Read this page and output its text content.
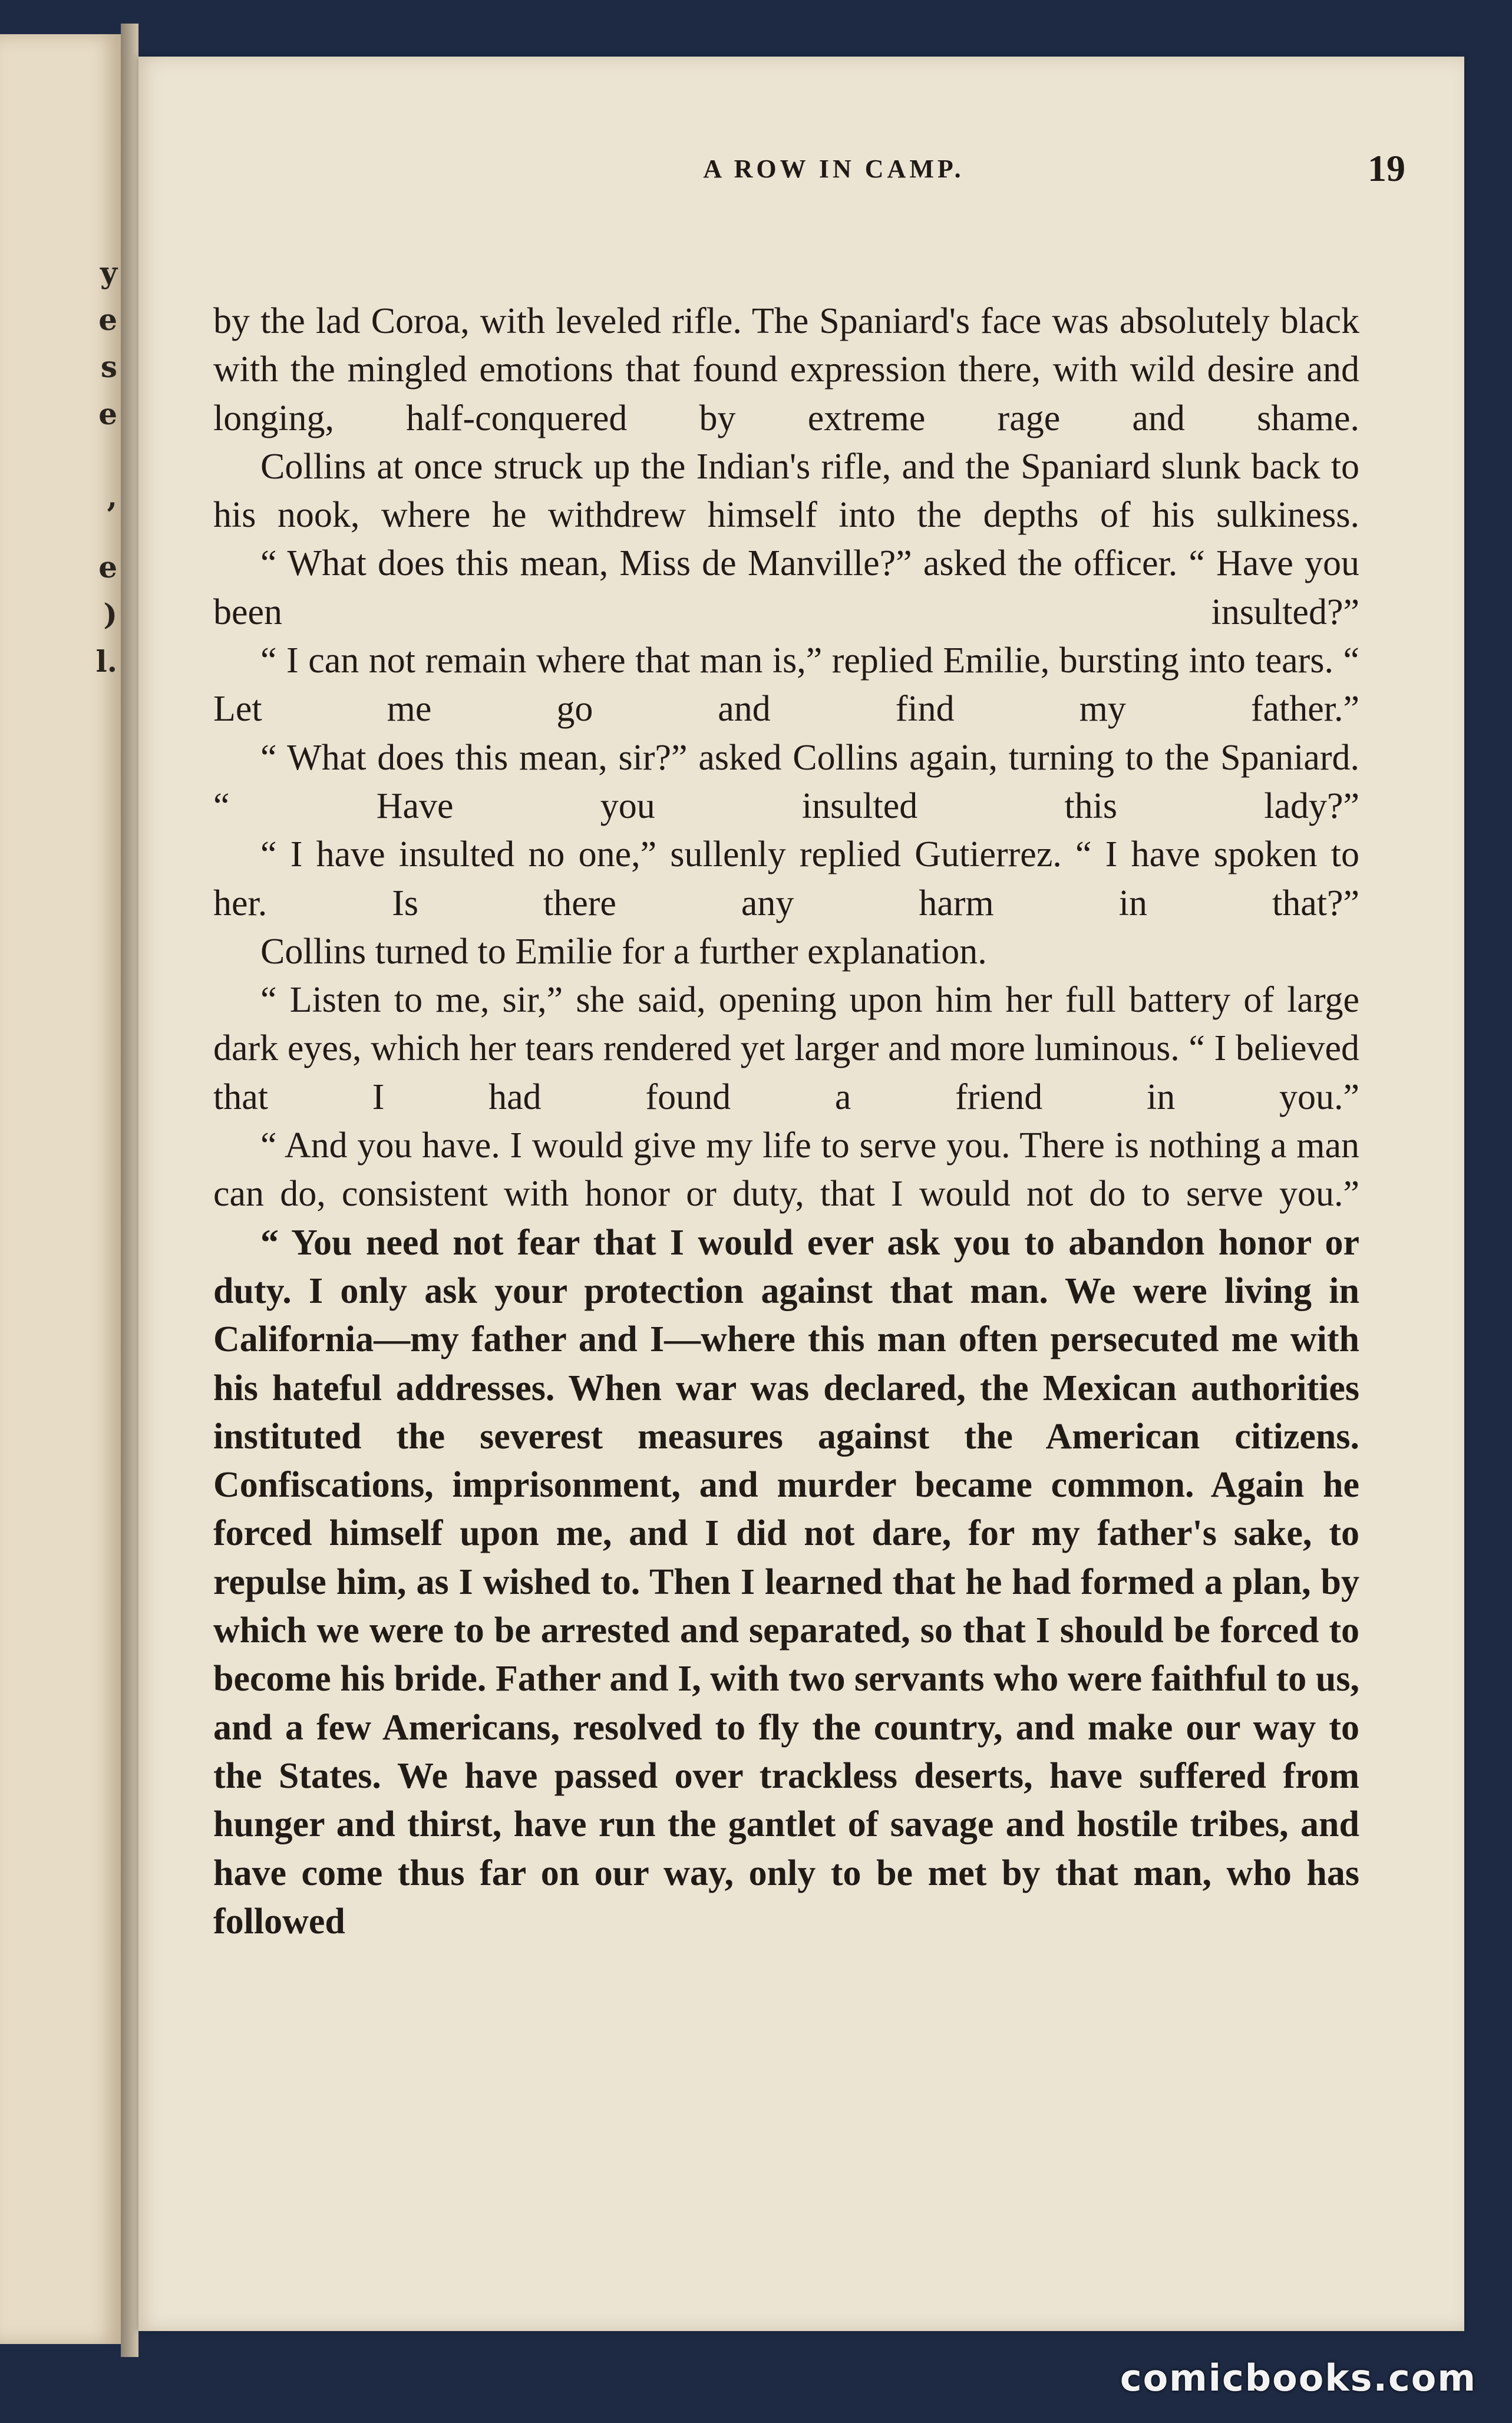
y
e
s
e
,
e
)
l.
A ROW IN CAMP.	19

by the lad Coroa, with leveled rifle. The Spaniard's face was absolutely black with the mingled emotions that found expression there, with wild desire and longing, half-conquered by extreme rage and shame.

Collins at once struck up the Indian's rifle, and the Spaniard slunk back to his nook, where he withdrew himself into the depths of his sulkiness.

“ What does this mean, Miss de Manville?” asked the officer. “ Have you been insulted?”

“ I can not remain where that man is,” replied Emilie, bursting into tears. “ Let me go and find my father.”

“ What does this mean, sir?” asked Collins again, turning to the Spaniard. “ Have you insulted this lady?”

“ I have insulted no one,” sullenly replied Gutierrez. “ I have spoken to her. Is there any harm in that?”

Collins turned to Emilie for a further explanation.

“ Listen to me, sir,” she said, opening upon him her full battery of large dark eyes, which her tears rendered yet larger and more luminous. “ I believed that I had found a friend in you.”

“ And you have. I would give my life to serve you. There is nothing a man can do, consistent with honor or duty, that I would not do to serve you.”

“ You need not fear that I would ever ask you to abandon honor or duty. I only ask your protection against that man. We were living in California—my father and I—where this man often persecuted me with his hateful addresses. When war was declared, the Mexican authorities instituted the severest measures against the American citizens. Confiscations, imprisonment, and murder became common. Again he forced himself upon me, and I did not dare, for my father's sake, to repulse him, as I wished to. Then I learned that he had formed a plan, by which we were to be arrested and separated, so that I should be forced to become his bride. Father and I, with two servants who were faithful to us, and a few Americans, resolved to fly the country, and make our way to the States. We have passed over trackless deserts, have suffered from hunger and thirst, have run the gantlet of savage and hostile tribes, and have come thus far on our way, only to be met by that man, who has followed

comicbooks.com
